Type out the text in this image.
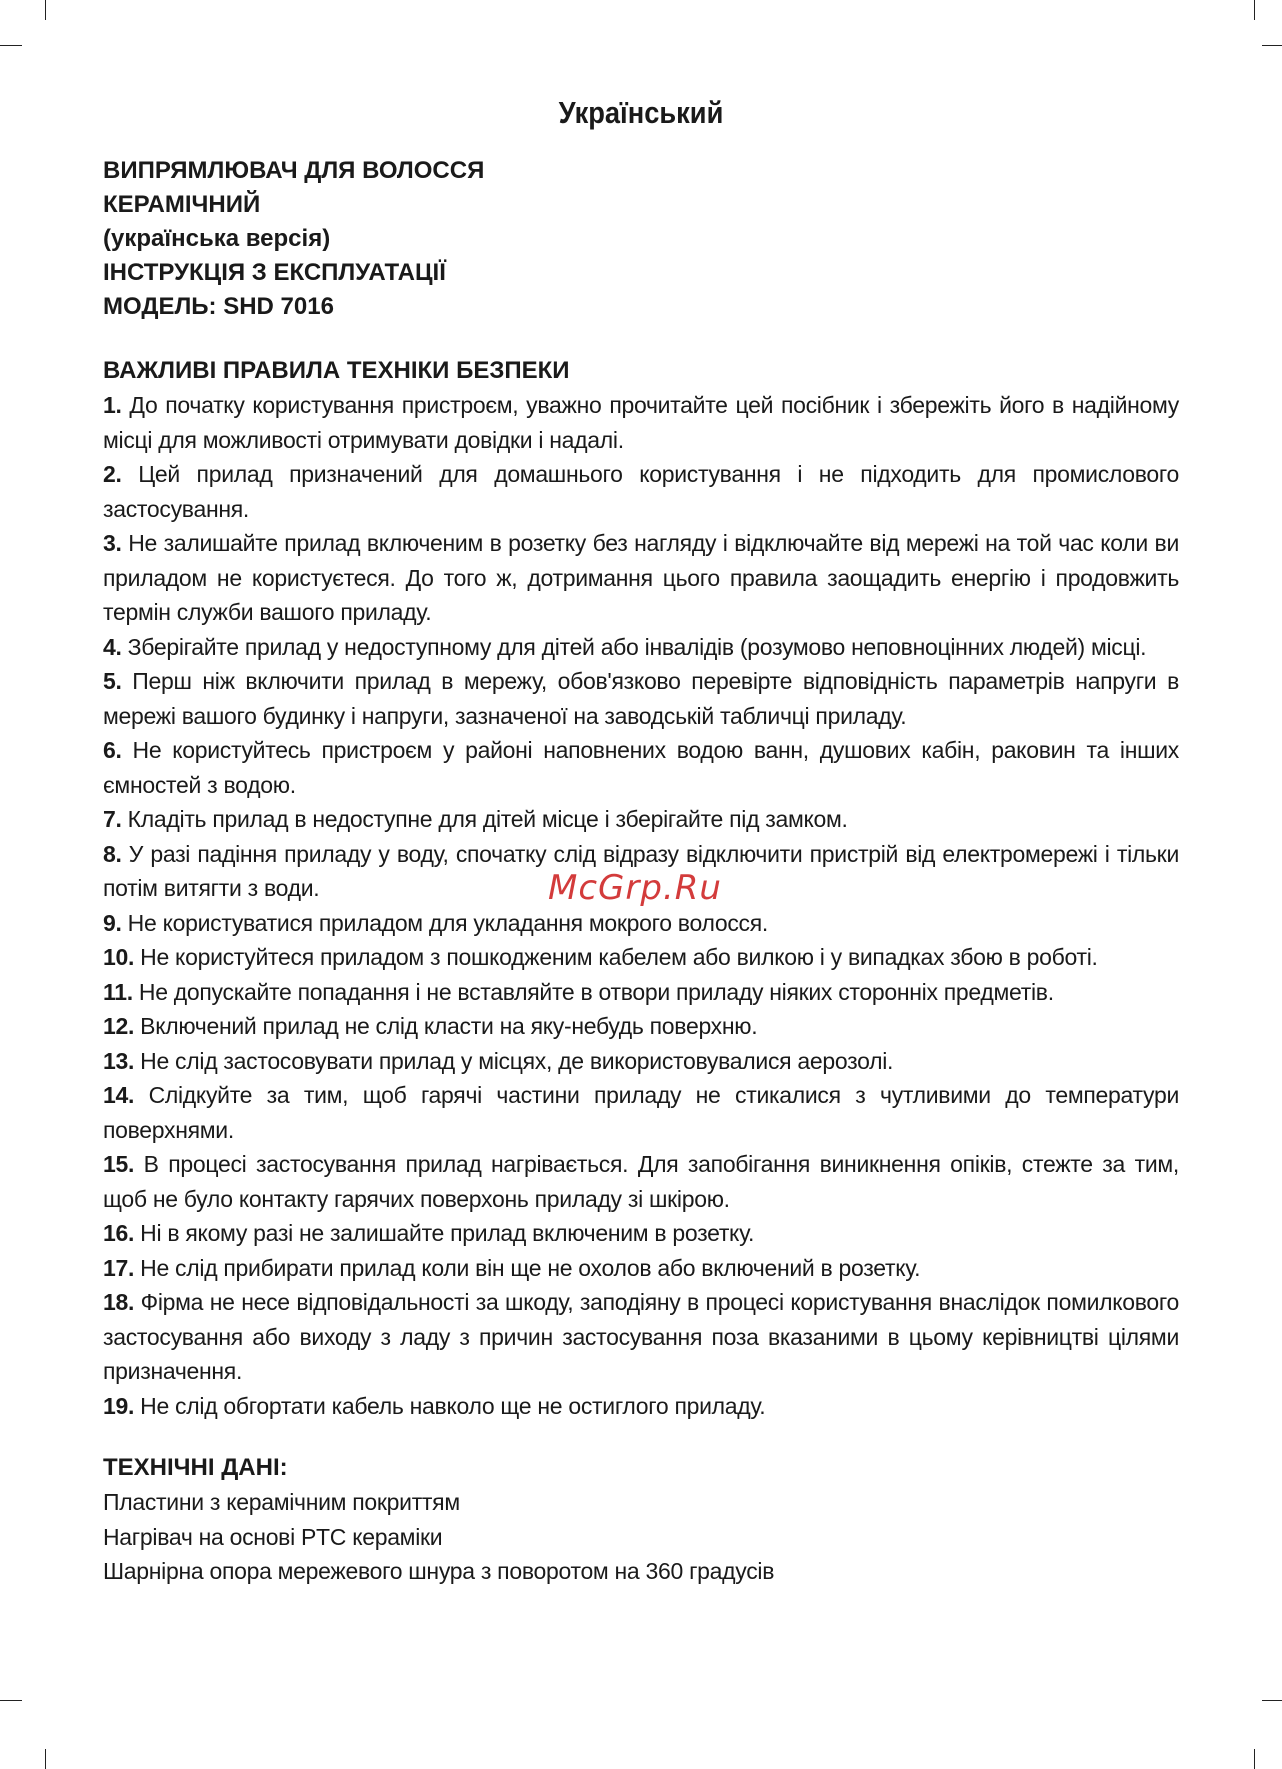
Український
ВИПРЯМЛЮВАЧ ДЛЯ ВОЛОССЯ
КЕРАМІЧНИЙ
(українська версія)
ІНСТРУКЦІЯ З ЕКСПЛУАТАЦІЇ
МОДЕЛЬ: SHD 7016
ВАЖЛИВІ ПРАВИЛА ТЕХНІКИ БЕЗПЕКИ

1. До початку користування пристроєм, уважно прочитайте цей посібник і збережіть його в надійному місці для можливості отримувати довідки і надалі.

2. Цей прилад призначений для домашнього користування і не підходить для промислового застосування.

3. Не залишайте прилад включеним в розетку без нагляду і відключайте від мережі на той час коли ви приладом не користуєтеся. До того ж, дотримання цього правила заощадить енергію і продовжить термін служби вашого приладу.

4. Зберігайте прилад у недоступному для дітей або інвалідів (розумово неповноцінних людей) місці.

5. Перш ніж включити прилад в мережу, обов'язково перевірте відповідність параметрів напруги в мережі вашого будинку і напруги, зазначеної на заводській табличці приладу.

6. Не користуйтесь пристроєм у районі наповнених водою ванн, душових кабін, раковин та інших ємностей з водою.

7. Кладіть прилад в недоступне для дітей місце і зберігайте під замком.

8. У разі падіння приладу у воду, спочатку слід відразу відключити пристрій від електромережі і тільки потім витягти з води.

9. Не користуватися приладом для укладання мокрого волосся.

10. Не користуйтеся приладом з пошкодженим кабелем або вилкою і у випадках збою в роботі.

11. Не допускайте попадання і не вставляйте в отвори приладу ніяких сторонніх предметів.

12. Включений прилад не слід класти на яку-небудь поверхню.

13. Не слід застосовувати прилад у місцях, де використовувалися аерозолі.

14. Слідкуйте за тим, щоб гарячі частини приладу не стикалися з чутливими до температури поверхнями.

15. В процесі застосування прилад нагрівається. Для запобігання виникнення опіків, стежте за тим, щоб не було контакту гарячих поверхонь приладу зі шкірою.

16. Ні в якому разі не залишайте прилад включеним в розетку.

17. Не слід прибирати прилад коли він ще не охолов або включений в розетку.

18. Фірма не несе відповідальності за шкоду, заподіяну в процесі користування внаслідок помилкового застосування або виходу з ладу з причин застосування поза вказаними в цьому керівництві цілями призначення.

19. Не слід обгортати кабель навколо ще не остиглого приладу.

ТЕХНІЧНІ ДАНІ:
Пластини з керамічним покриттям
Нагрівач на основі PTC кераміки
Шарнірна опора мережевого шнура з поворотом на 360 градусів
McGrp.Ru
